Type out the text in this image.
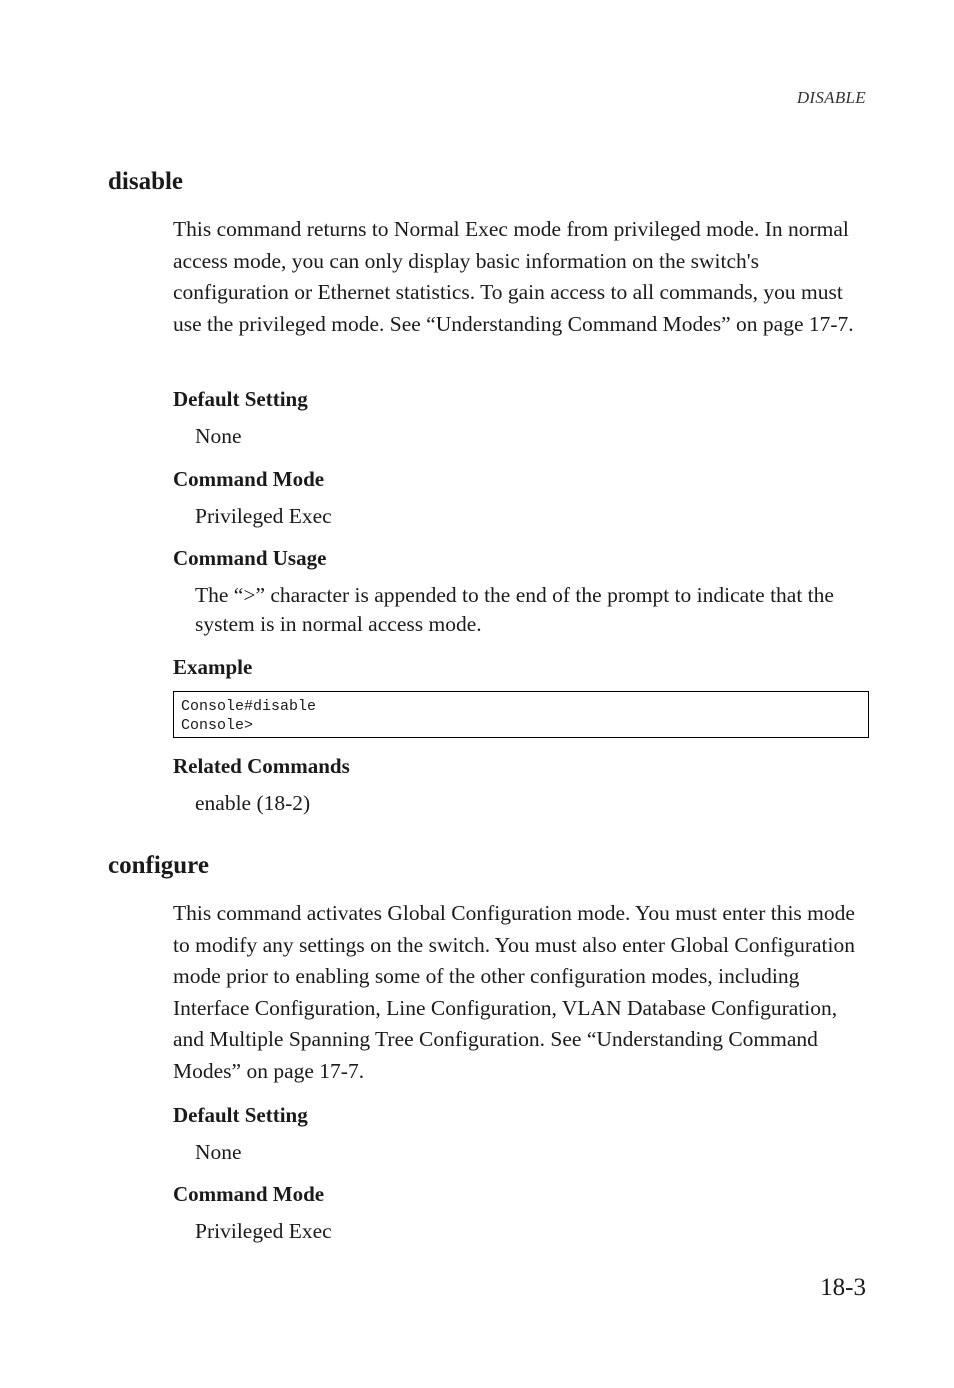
DISABLE
disable

This command returns to Normal Exec mode from privileged mode. In normal access mode, you can only display basic information on the switch's configuration or Ethernet statistics. To gain access to all commands, you must use the privileged mode. See “Understanding Command Modes” on page 17-7.

Default Setting

None

Command Mode

Privileged Exec

Command Usage

The “>” character is appended to the end of the prompt to indicate that the system is in normal access mode.

Example
Console#disable
Console>
Related Commands

enable (18-2)

configure

This command activates Global Configuration mode. You must enter this mode to modify any settings on the switch. You must also enter Global Configuration mode prior to enabling some of the other configuration modes, including Interface Configuration, Line Configuration, VLAN Database Configuration, and Multiple Spanning Tree Configuration. See “Understanding Command Modes” on page 17-7.

Default Setting

None

Command Mode

Privileged Exec

18-3
